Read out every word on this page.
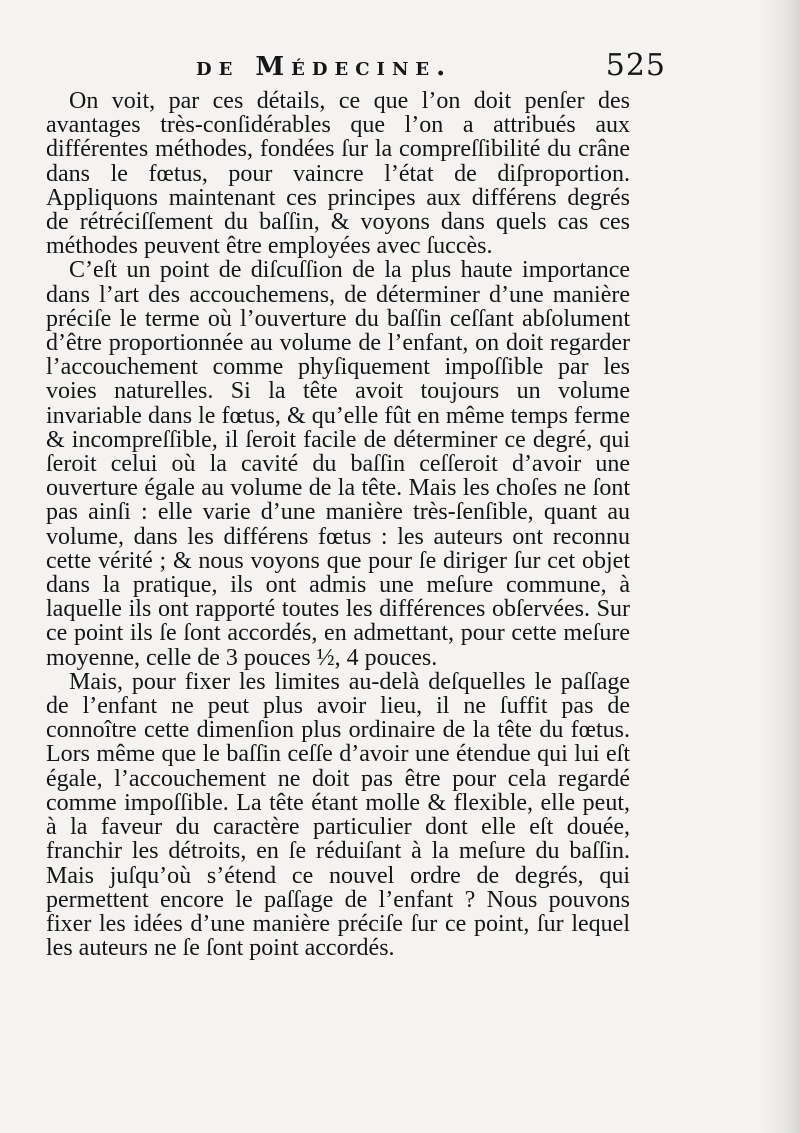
de Médecine.	525

On voit, par ces détails, ce que l’on doit penſer des avantages très-conſidérables que l’on a attribués aux différentes méthodes, fondées ſur la compreſſibilité du crâne dans le fœtus, pour vaincre l’état de diſproportion. Appliquons maintenant ces principes aux différens degrés de rétréciſſement du baſſin, & voyons dans quels cas ces méthodes peuvent être employées avec ſuccès.

C’eſt un point de diſcuſſion de la plus haute importance dans l’art des accouchemens, de déterminer d’une manière préciſe le terme où l’ouverture du baſſin ceſſant abſolument d’être proportionnée au volume de l’enfant, on doit regarder l’accouchement comme phyſiquement impoſſible par les voies naturelles. Si la tête avoit toujours un volume invariable dans le fœtus, & qu’elle fût en même temps ferme & incompreſſible, il ſeroit facile de déterminer ce degré, qui ſeroit celui où la cavité du baſſin ceſſeroit d’avoir une ouverture égale au volume de la tête. Mais les choſes ne ſont pas ainſi : elle varie d’une manière très-ſenſible, quant au volume, dans les différens fœtus : les auteurs ont reconnu cette vérité ; & nous voyons que pour ſe diriger ſur cet objet dans la pratique, ils ont admis une meſure commune, à laquelle ils ont rapporté toutes les différences obſervées. Sur ce point ils ſe ſont accordés, en admettant, pour cette meſure moyenne, celle de 3 pouces ½, 4 pouces.

Mais, pour fixer les limites au-delà deſquelles le paſſage de l’enfant ne peut plus avoir lieu, il ne ſuffit pas de connoître cette dimenſion plus ordinaire de la tête du fœtus. Lors même que le baſſin ceſſe d’avoir une étendue qui lui eſt égale, l’accouchement ne doit pas être pour cela regardé comme impoſſible. La tête étant molle & flexible, elle peut, à la faveur du caractère particulier dont elle eſt douée, franchir les détroits, en ſe réduiſant à la meſure du baſſin. Mais juſqu’où s’étend ce nouvel ordre de degrés, qui permettent encore le paſſage de l’enfant ? Nous pouvons fixer les idées d’une manière préciſe ſur ce point, ſur lequel les auteurs ne ſe ſont point accordés.
